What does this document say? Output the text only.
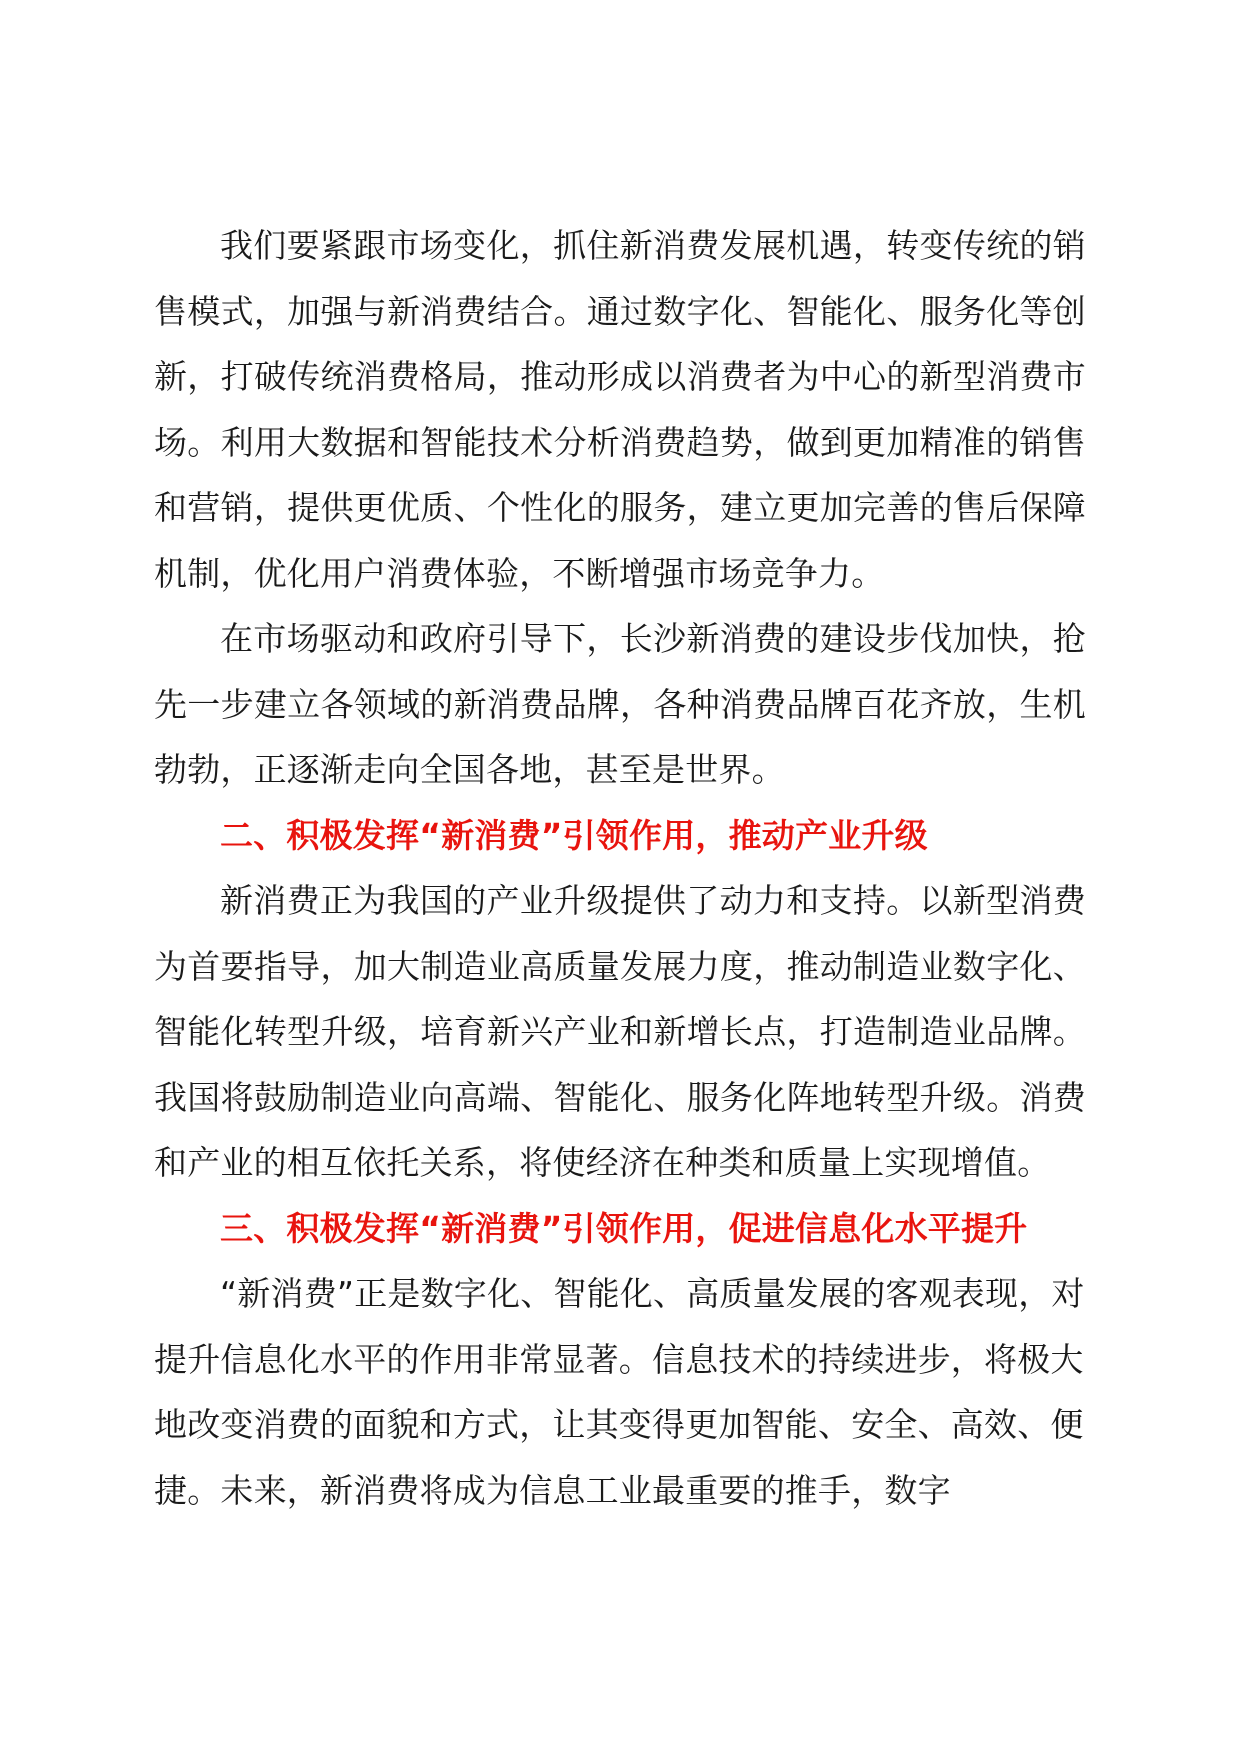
我们要紧跟市场变化，抓住新消费发展机遇，转变传统的销售模式，加强与新消费结合。通过数字化、智能化、服务化等创新，打破传统消费格局，推动形成以消费者为中心的新型消费市场。利用大数据和智能技术分析消费趋势，做到更加精准的销售和营销，提供更优质、个性化的服务，建立更加完善的售后保障机制，优化用户消费体验，不断增强市场竞争力。

在市场驱动和政府引导下，长沙新消费的建设步伐加快，抢先一步建立各领域的新消费品牌，各种消费品牌百花齐放，生机勃勃，正逐渐走向全国各地，甚至是世界。

二、积极发挥“新消费”引领作用，推动产业升级

新消费正为我国的产业升级提供了动力和支持。以新型消费为首要指导，加大制造业高质量发展力度，推动制造业数字化、智能化转型升级，培育新兴产业和新增长点，打造制造业品牌。我国将鼓励制造业向高端、智能化、服务化阵地转型升级。消费和产业的相互依托关系，将使经济在种类和质量上实现增值。

三、积极发挥“新消费”引领作用，促进信息化水平提升

“新消费”正是数字化、智能化、高质量发展的客观表现，对提升信息化水平的作用非常显著。信息技术的持续进步，将极大地改变消费的面貌和方式，让其变得更加智能、安全、高效、便捷。未来，新消费将成为信息工业最重要的推手，数字
